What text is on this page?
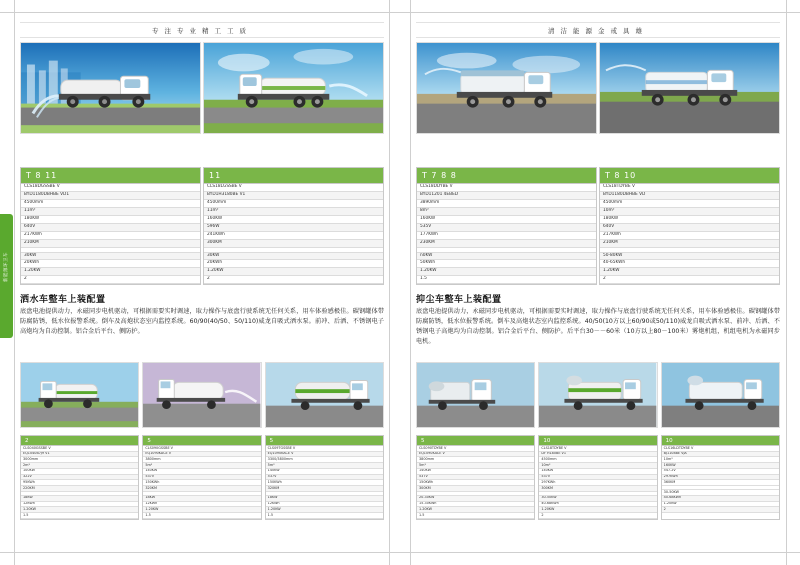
新能源环卫车
专注专业精工工质
T 8 11
CLS18DGSSBE V
BYD1180DBHBE VD1
4500mm
11m³
180KW
640V
217KWh
210KM

30KW
20KWh
1.20KW
2
11
CLS18LGSSBE V
BYD1H3180BE V1
4500mm
11m³
160KW
596W
241KWh
300KM

30KW
20KWh
1.20KW
2
洒水车整车上装配置
底盘电池提供动力，永磁同步电机驱动，可根据需要实时调速，取力操作与底盘行驶系统无任何关系，用车体验感极佳。碳钢罐体带防腐防锈，低水位报警系统。倒车及高炮状态室内监控系统。60/90(40/50、50/110)威龙自吸式洒水泵。前冲、后洒、不锈钢电子高炮均为自动控制。铝合金后平台、侧防护。
2
CLS040GSSBE V
EQ1040B7J9 V1
3000mm
2m³
100KW
322V
95KWh
220KM

18KW
12KWh
1.20KW
1.5
5
CLS090GSSBE V
EQ1090KACE V
3800mm
5m³
140KW
537V
150KWh
320KM

18KW
12KWh
1.20KW
1.5
5
CLS09TGSSBE V
EQ1090KACE V
3300/3800mm
5m³
140KW
537V
150KWh
320KM

18KW
12KWh
1.20KW
1.5
清洁能源金戒具雄
T 7 8 8
CLS18DDYBE V
BYD11201 4EBED
3890mm
8m³
160KW
535V
177KWh
230KM

n0KW
50KWh
1.20KW
1.5
T 8 10
CLS18TDYBE V
BYD1180DBHBE VD
4500mm
10m³
180KW
640V
217KWh
210KM

50-80KW
40-65KWh
1.20KW
2
抑尘车整车上装配置
底盘电池提供动力，永磁同步电机驱动，可根据需要实时调速，取力操作与底盘行驶系统无任何关系，用车体验感极佳。碳钢罐体带防腐防锈，低水位报警系统。倒车及高炮状态室内监控系统。40/50(10方以上60/90或50/110)威龙自吸式洒水泵、前冲、后洒、不锈钢电子高炮均为自动控制。铝合金后平台、侧防护。后平台30－－60米（10方以上80－100米）雾炮机组，机组电机为永磁同步电机。
5
CLS090TDYBE V
EQ1090KACE V
3800mm
5m³
140KW
537V
150KWh
300KM

20-30KW
15-30KWh
1.20KW
1.5
10
CLS18TDYBE V
DF H180BE V1
4500mm
10m³
140KW
537V
297KWh
300KM

30-50KW
40-68KWh
1.20KW
2
10
CLS16LDTDYBE V
BJ1108BE VJA
10m³
160KW
547.2V
297KWh
360KM

30-50KW
40-68KWh
1.20KW
2
